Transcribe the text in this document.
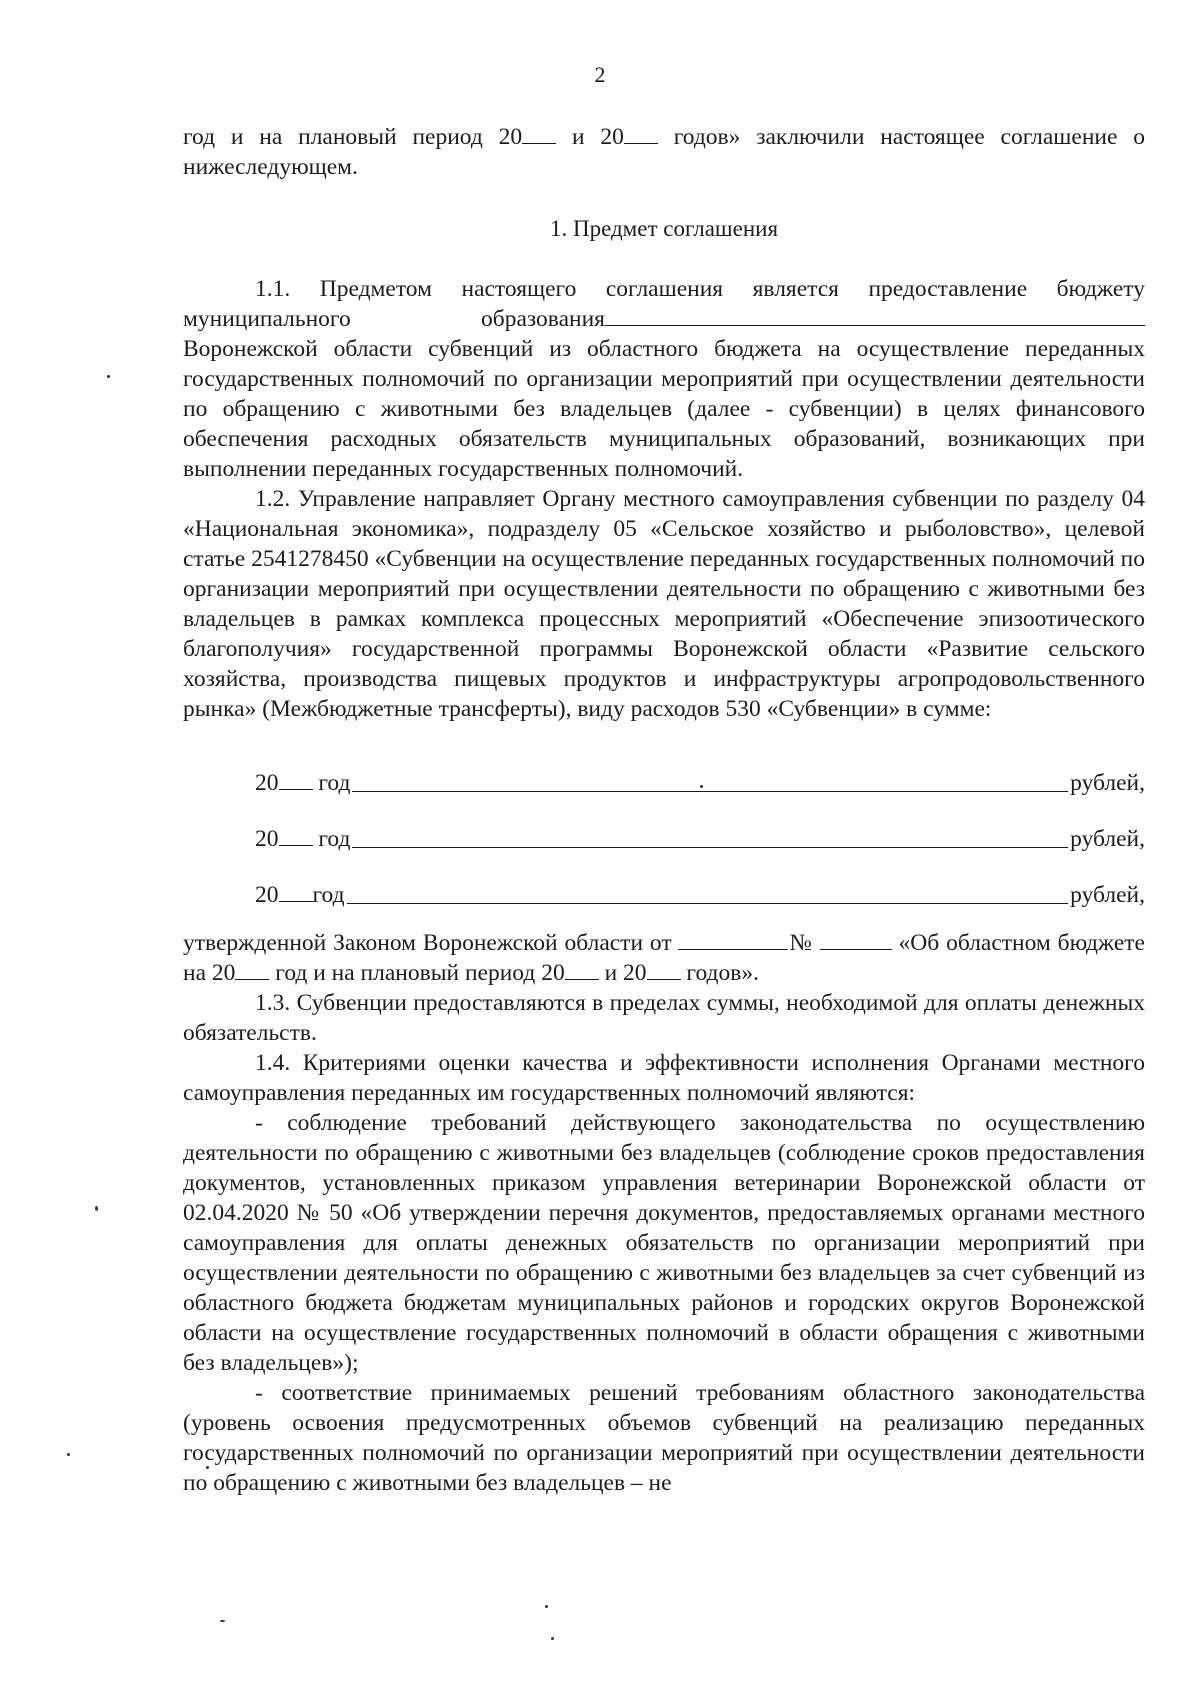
2

год и на плановый период 20 и 20 годов» заключили настоящее соглашение о нижеследующем.

1. Предмет соглашения

1.1. Предметом настоящего соглашения является предоставление бюджету муниципального образования Воронежской области субвенций из областного бюджета на осуществление переданных государственных полномочий по организации мероприятий при осуществлении деятельности по обращению с животными без владельцев (далее - субвенции) в целях финансового обеспечения расходных обязательств муниципальных образований, возникающих при выполнении переданных государственных полномочий.

1.2. Управление направляет Органу местного самоуправления субвенции по разделу 04 «Национальная экономика», подразделу 05 «Сельское хозяйство и рыболовство», целевой статье 2541278450 «Субвенции на осуществление переданных государственных полномочий по организации мероприятий при осуществлении деятельности по обращению с животными без владельцев в рамках комплекса процессных мероприятий «Обеспечение эпизоотического благополучия» государственной программы Воронежской области «Развитие сельского хозяйства, производства пищевых продуктов и инфраструктуры агропродовольственного рынка» (Межбюджетные трансферты), виду расходов 530 «Субвенции» в сумме:

20 год	рублей,
20 год	рублей,
20 год	рублей,

утвержденной Законом Воронежской области от	№	«Об областном бюджете на 20 год и на плановый период 20 и 20 годов».

1.3. Субвенции предоставляются в пределах суммы, необходимой для оплаты денежных обязательств.

1.4. Критериями оценки качества и эффективности исполнения Органами местного самоуправления переданных им государственных полномочий являются:

- соблюдение требований действующего законодательства по осуществлению деятельности по обращению с животными без владельцев (соблюдение сроков предоставления документов, установленных приказом управления ветеринарии Воронежской области от 02.04.2020 № 50 «Об утверждении перечня документов, предоставляемых органами местного самоуправления для оплаты денежных обязательств по организации мероприятий при осуществлении деятельности по обращению с животными без владельцев за счет субвенций из областного бюджета бюджетам муниципальных районов и городских округов Воронежской области на осуществление государственных полномочий в области обращения с животными без владельцев»);

- соответствие принимаемых решений требованиям областного законодательства (уровень освоения предусмотренных объемов субвенций на реализацию переданных государственных полномочий по организации мероприятий при осуществлении деятельности по обращению с животными без владельцев – не
